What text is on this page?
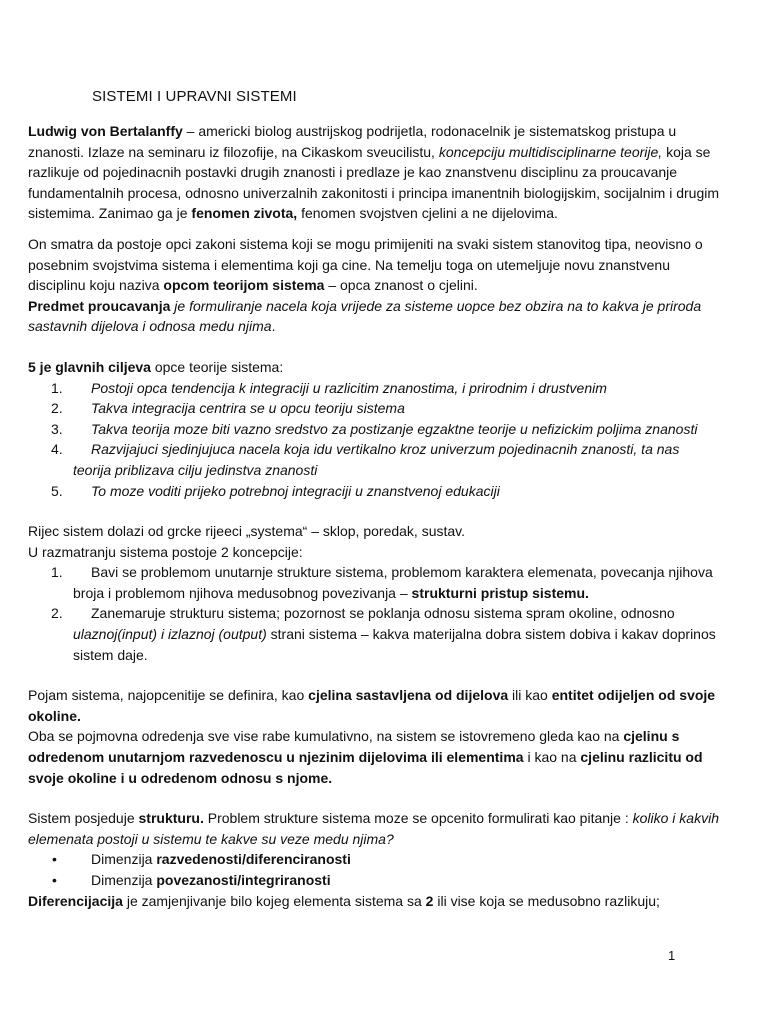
SISTEMI I UPRAVNI SISTEMI

Ludwig von Bertalanffy – americki biolog austrijskog podrijetla, rodonacelnik je sistematskog pristupa u znanosti. Izlaze na seminaru iz filozofije, na Cikaskom sveucilistu, koncepciju multidisciplinarne teorije, koja se razlikuje od pojedinacnih postavki drugih znanosti i predlaze je kao znanstvenu disciplinu za proucavanje fundamentalnih procesa, odnosno univerzalnih zakonitosti i principa imanentnih biologijskim, socijalnim i drugim sistemima. Zanimao ga je fenomen zivota, fenomen svojstven cjelini a ne dijelovima.

On smatra da postoje opci zakoni sistema koji se mogu primijeniti na svaki sistem stanovitog tipa, neovisno o posebnim svojstvima sistema i elementima koji ga cine. Na temelju toga on utemeljuje novu znanstvenu disciplinu koju naziva opcom teorijom sistema – opca znanost o cjelini.

Predmet proucavanja je formuliranje nacela koja vrijede za sisteme uopce bez obzira na to kakva je priroda sastavnih dijelova i odnosa medu njima.

5 je glavnih ciljeva opce teorije sistema:

1. Postoji opca tendencija k integraciji u razlicitim znanostima, i prirodnim i drustvenim
2. Takva integracija centrira se u opcu teoriju sistema
3. Takva teorija moze biti vazno sredstvo za postizanje egzaktne teorije u nefizickim poljima znanosti
4. Razvijajuci sjedinjujuca nacela koja idu vertikalno kroz univerzum pojedinacnih znanosti, ta nas teorija priblizava cilju jedinstva znanosti
5. To moze voditi prijeko potrebnoj integraciji u znanstvenoj edukaciji

Rijec sistem dolazi od grcke rijeeci „systema“ – sklop, poredak, sustav.

U razmatranju sistema postoje 2 koncepcije:

1. Bavi se problemom unutarnje strukture sistema, problemom karaktera elemenata, povecanja njihova broja i problemom njihova medusobnog povezivanja – strukturni pristup sistemu.
2. Zanemaruje strukturu sistema; pozornost se poklanja odnosu sistema spram okoline, odnosno ulaznoj(input) i izlaznoj (output) strani sistema – kakva materijalna dobra sistem dobiva i kakav doprinos sistem daje.

Pojam sistema, najopcenitije se definira, kao cjelina sastavljena od dijelova ili kao entitet odijeljen od svoje okoline.

Oba se pojmovna odredenja sve vise rabe kumulativno, na sistem se istovremeno gleda kao na cjelinu s odredenom unutarnjom razvedenoscu u njezinim dijelovima ili elementima i kao na cjelinu razlicitu od svoje okoline i u odredenom odnosu s njome.

Sistem posjeduje strukturu. Problem strukture sistema moze se opcenito formulirati kao pitanje : koliko i kakvih elemenata postoji u sistemu te kakve su veze medu njima?

• Dimenzija razvedenosti/diferenciranosti
• Dimenzija povezanosti/integriranosti

Diferencijacija je zamjenjivanje bilo kojeg elementa sistema sa 2 ili vise koja se medusobno razlikuju;

1
